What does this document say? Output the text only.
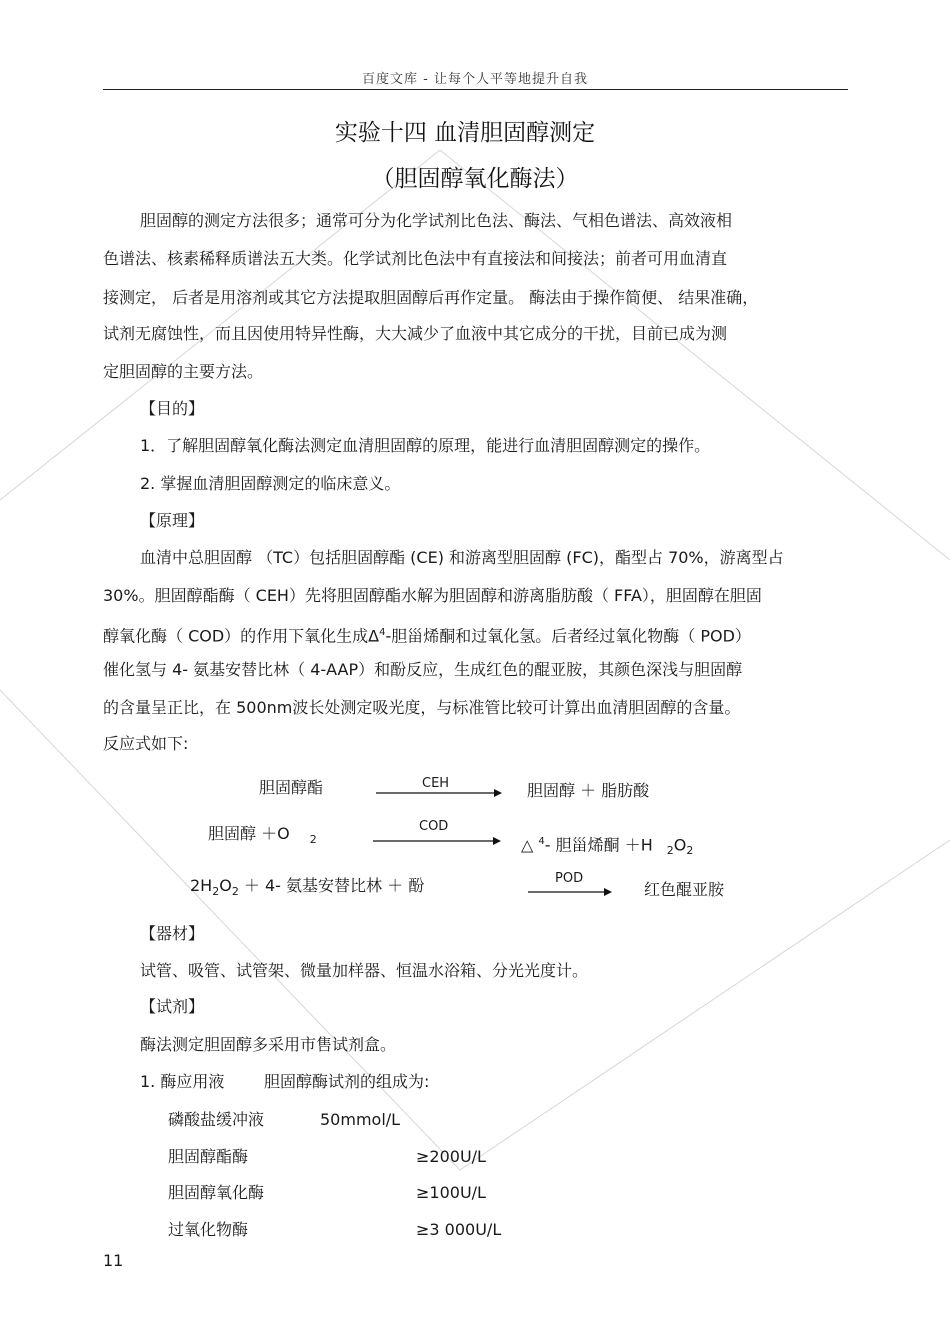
百度文库 - 让每个人平等地提升自我
实验十四 血清胆固醇测定
（胆固醇氧化酶法）
胆固醇的测定方法很多；通常可分为化学试剂比色法、酶法、气相色谱法、高效液相
色谱法、核素稀释质谱法五大类。化学试剂比色法中有直接法和间接法；前者可用血清直
接测定， 后者是用溶剂或其它方法提取胆固醇后再作定量。 酶法由于操作简便、 结果准确，
试剂无腐蚀性，而且因使用特异性酶，大大减少了血液中其它成分的干扰，目前已成为测
定胆固醇的主要方法。
【目的】
1．了解胆固醇氧化酶法测定血清胆固醇的原理，能进行血清胆固醇测定的操作。
2. 掌握血清胆固醇测定的临床意义。
【原理】
血清中总胆固醇 （TC）包括胆固醇酯 (CE) 和游离型胆固醇 (FC)，酯型占 70%，游离型占
30%。胆固醇酯酶（ CEH）先将胆固醇酯水解为胆固醇和游离脂肪酸（ FFA），胆固醇在胆固
醇氧化酶（ COD）的作用下氧化生成$\Delta^4-$胆甾烯酮和过氧化氢。后者经过氧化物酶（ POD）
催化氢与 4- 氨基安替比林（ 4-AAP）和酚反应，生成红色的醌亚胺，其颜色深浅与胆固醇
的含量呈正比，在 500nm波长处测定吸光度，与标准管比较可计算出血清胆固醇的含量。
反应式如下:
胆固醇酯	CEH	胆固醇 ＋ 脂肪酸
胆固醇 ＋O $_2$
COD
△ $^4$- 胆甾烯酮 ＋H $_2O_2$
$2H_2O_2 + 4-$ 氨基安替比林 ＋ 酚	POD
红色醌亚胺
【器材】
试管、吸管、试管架、微量加样器、恒温水浴箱、分光光度计。
【试剂】
酶法测定胆固醇多采用市售试剂盒。
1. 酶应用液 胆固醇酶试剂的组成为:
磷酸盐缓冲液	50mmol/L
胆固醇酯酶	≥200U/L
胆固醇氧化酶	≥100U/L
过氧化物酶	≥3 000U/L
11
